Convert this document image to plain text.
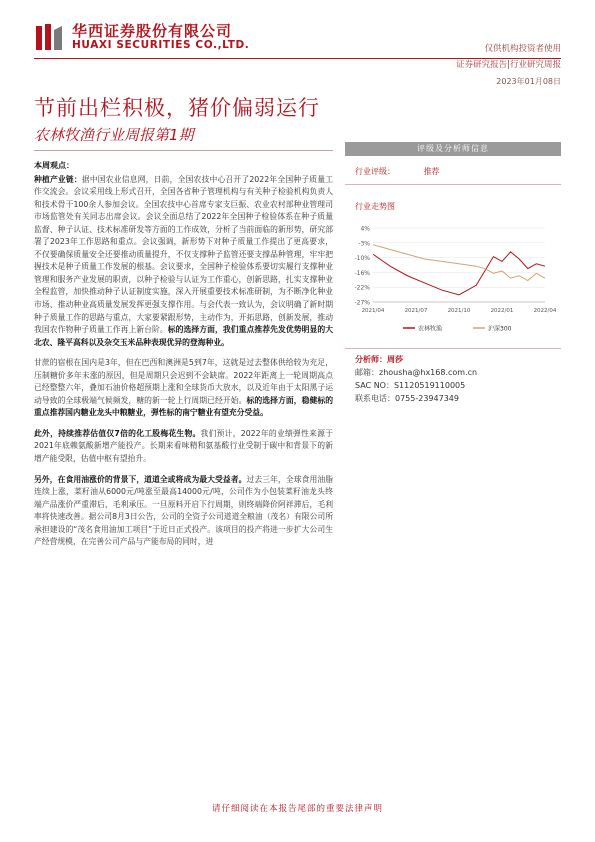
华西证券股份有限公司
HUAXI SECURITIES CO.,LTD.	仅供机构投资者使用
证券研究报告|行业研究周报
2023年01月08日
节前出栏积极，猪价偏弱运行
农林牧渔行业周报第1期
本周观点：

种植产业链：据中国农业信息网，日前，全国农技中心召开了2022年全国种子质量工作交流会。会议采用线上形式召开，全国各省种子管理机构与有关种子检验机构负责人和技术骨干100余人参加会议。全国农技中心首席专家支巨振、农业农村部种业管理司市场监管处有关同志出席会议。会议全面总结了2022年全国种子检验体系在种子质量监督、种子认证、技术标准研发等方面的工作成效，分析了当前面临的新形势，研究部署了2023年工作思路和重点。会议强调，新形势下对种子质量工作提出了更高要求，不仅要确保质量安全还要推动质量提升，不仅支撑种子监管还要支撑品种管理，牢牢把握技术是种子质量工作发展的根基。会议要求，全国种子检验体系要切实履行支撑种业管理和服务产业发展的职责，以种子检验与认证为工作重心，创新思路，扎实支撑种业全程监管，加快推动种子认证制度实施，深入开展重要技术标准研制，为不断净化种业市场、推动种业高质量发展发挥更强支撑作用。与会代表一致认为，会议明确了新时期种子质量工作的思路与重点，大家要紧跟形势，主动作为，开拓思路，创新发展，推动我国农作物种子质量工作再上新台阶。标的选择方面，我们重点推荐先发优势明显的大北农、隆平高科以及杂交玉米品种表现优异的登海种业。

甘蔗的宿根在国内是3年，但在巴西和澳洲是5到7年，这就是过去整体供给较为充足，压制糖价多年未涨的原因，但是周期只会迟到不会缺席。2022年距离上一轮周期高点已经整整六年，叠加石油价格超预期上涨和全球货币大放水，以及近年由于太阳黑子运动导致的全球极端气候频发，糖的新一轮上行周期已经开始。标的选择方面，稳健标的重点推荐国内糖业龙头中粮糖业，弹性标的南宁糖业有望充分受益。

此外，持续推荐估值仅7倍的化工股梅花生物。我们预计，2022年的业绩弹性来源于2021年底赖氨酸新增产能投产。长期来看味精和氨基酸行业受制于碳中和背景下的新增产能受限，估值中枢有望抬升。

另外，在食用油涨价的背景下，道道全或将成为最大受益者。过去三年，全球食用油脂连续上涨，菜籽油从6000元/吨涨至最高14000元/吨，公司作为小包装菜籽油龙头终端产品涨价严重滞后，毛利承压。一旦原料开启下行周期，则终端降价阿祥滞后，毛利率将快速改善。据公司8月3日公告，公司的全资子公司道道全粮油（茂名）有限公司所承担建设的“茂名食用油加工项目”于近日正式投产。该项目的投产将进一步扩大公司生产经营规模，在完善公司产品与产能布局的同时，进

评级及分析师信息
行业评级：	推荐
行业走势图
4%
-3%
-10%
-16%
-22%
-27%
2021/04	2021/07	2021/10	2022/01	2022/04
农林牧渔	沪深300
分析师：周莎
邮箱：zhousha@hx168.com.cn
SAC NO：S1120519110005
联系电话：0755-23947349
请仔细阅读在本报告尾部的重要法律声明
